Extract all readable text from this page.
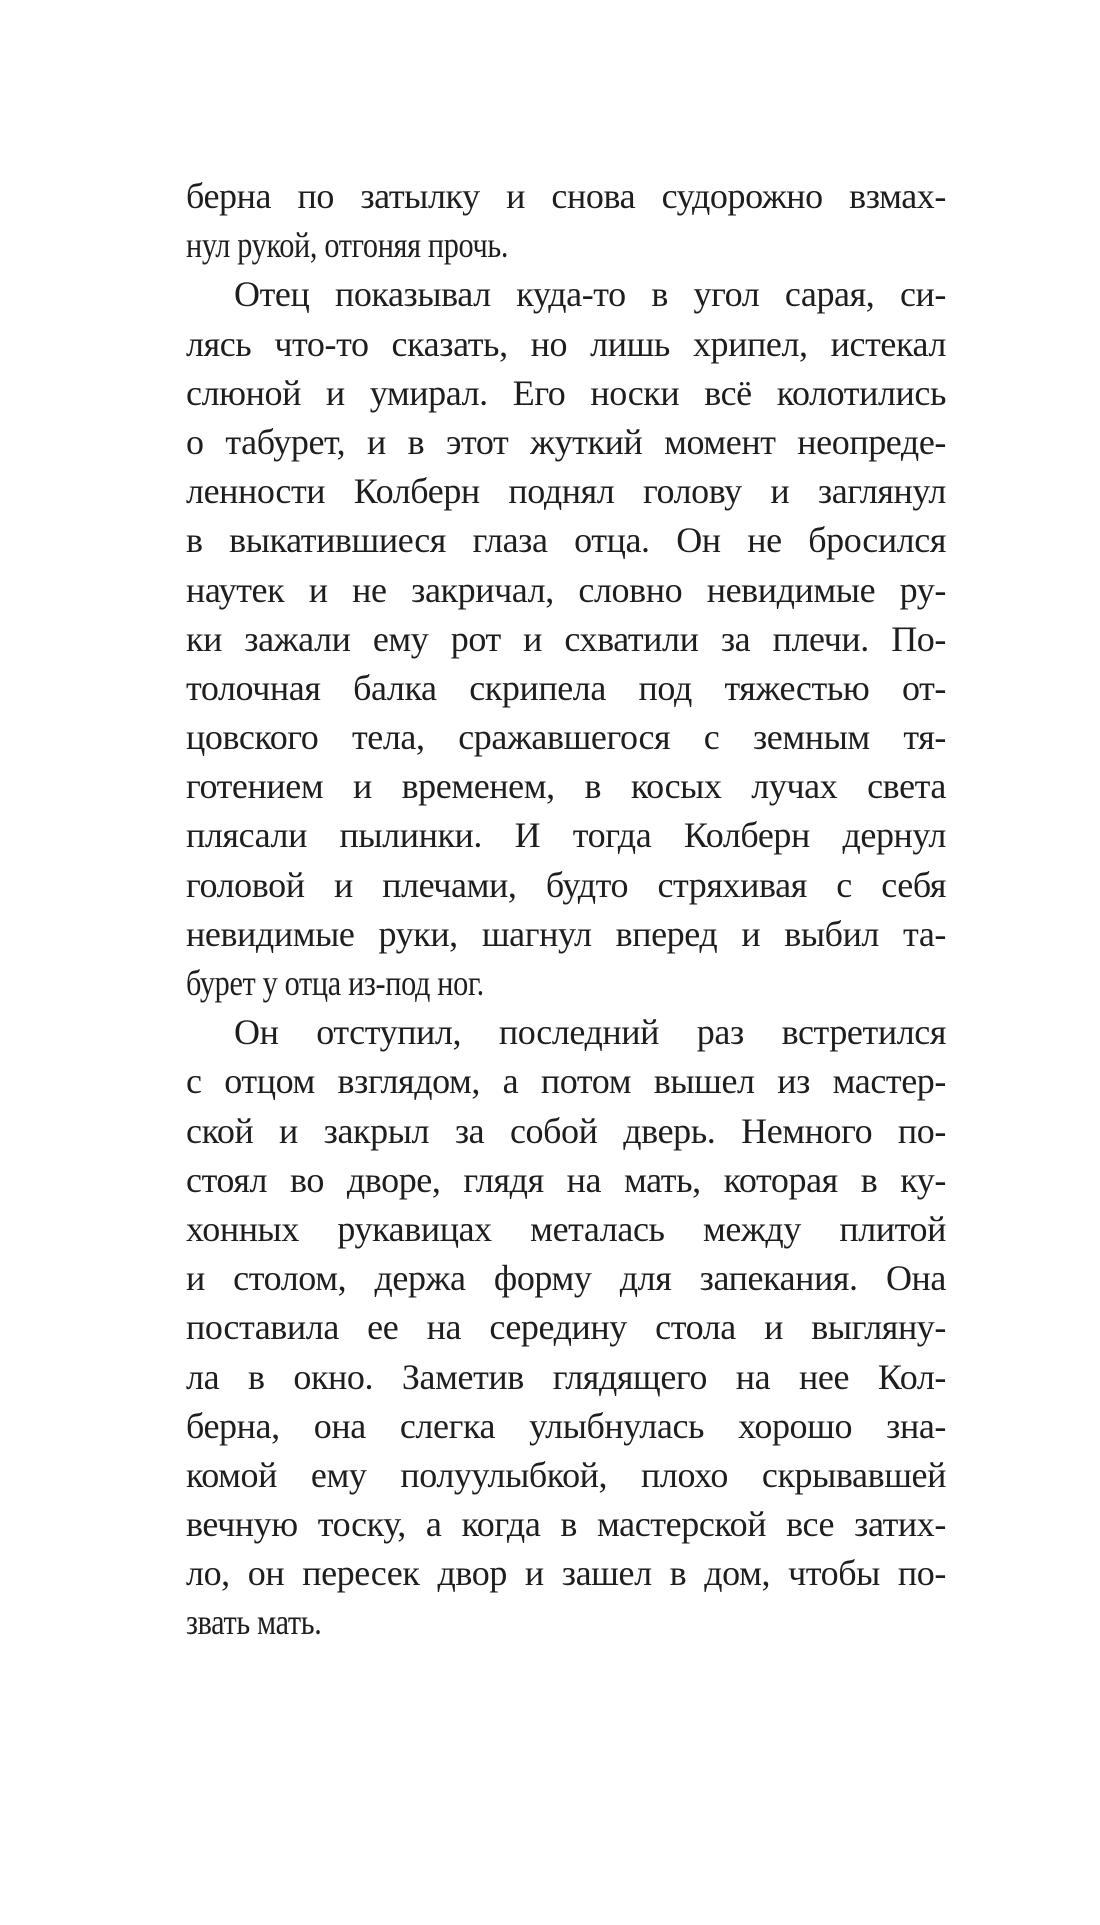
берна по затылку и снова судорожно взмах-
нул рукой, отгоняя прочь.
Отец показывал куда-то в угол сарая, си-
лясь что-то сказать, но лишь хрипел, истекал
слюной и умирал. Его носки всё колотились
о табурет, и в этот жуткий момент неопреде-
ленности Колберн поднял голову и заглянул
в выкатившиеся глаза отца. Он не бросился
наутек и не закричал, словно невидимые ру-
ки зажали ему рот и схватили за плечи. По-
толочная балка скрипела под тяжестью от-
цовского тела, сражавшегося с земным тя-
готением и временем, в косых лучах света
плясали пылинки. И тогда Колберн дернул
головой и плечами, будто стряхивая с себя
невидимые руки, шагнул вперед и выбил та-
бурет у отца из-под ног.
Он отступил, последний раз встретился
с отцом взглядом, а потом вышел из мастер-
ской и закрыл за собой дверь. Немного по-
стоял во дворе, глядя на мать, которая в ку-
хонных рукавицах металась между плитой
и столом, держа форму для запекания. Она
поставила ее на середину стола и выгляну-
ла в окно. Заметив глядящего на нее Кол-
берна, она слегка улыбнулась хорошо зна-
комой ему полуулыбкой, плохо скрывавшей
вечную тоску, а когда в мастерской все затих-
ло, он пересек двор и зашел в дом, чтобы по-
звать мать.
